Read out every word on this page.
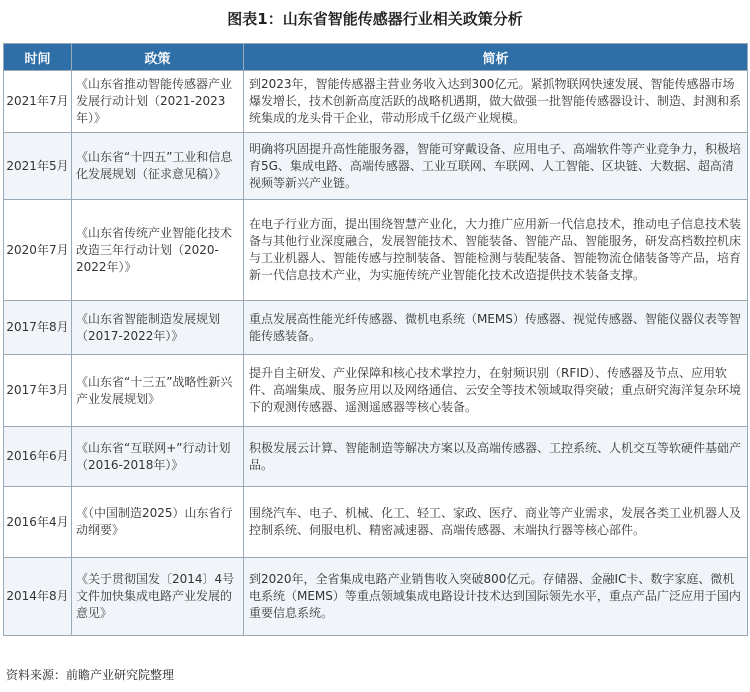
图表1：山东省智能传感器行业相关政策分析
时间	政策	简析
2021年7月	《山东省推动智能传感器产业发展行动计划（2021-2023年）》	到2023年，智能传感器主营业务收入达到300亿元。紧抓物联网快速发展、智能传感器市场爆发增长，技术创新高度活跃的战略机遇期，做大做强一批智能传感器设计、制造、封测和系统集成的龙头骨干企业，带动形成千亿级产业规模。
2021年5月	《山东省“十四五”工业和信息化发展规划（征求意见稿）》	明确将巩固提升高性能服务器，智能可穿戴设备、应用电子、高端软件等产业竞争力，积极培育5G、集成电路、高端传感器、工业互联网、车联网、人工智能、区块链、大数据、超高清视频等新兴产业链。
2020年7月	《山东省传统产业智能化技术改造三年行动计划（2020-2022年）》	在电子行业方面，提出围绕智慧产业化，大力推广应用新一代信息技术，推动电子信息技术装备与其他行业深度融合，发展智能技术、智能装备、智能产品、智能服务，研发高档数控机床与工业机器人、智能传感与控制装备、智能检测与装配装备、智能物流仓储装备等产品，培育新一代信息技术产业，为实施传统产业智能化技术改造提供技术装备支撑。
2017年8月	《山东省智能制造发展规划（2017-2022年）》	重点发展高性能光纤传感器、微机电系统（MEMS）传感器、视觉传感器、智能仪器仪表等智能传感装备。
2017年3月	《山东省“十三五”战略性新兴产业发展规划》	提升自主研发、产业保障和核心技术掌控力，在射频识别（RFID）、传感器及节点、应用软件、高端集成、服务应用以及网络通信、云安全等技术领域取得突破；重点研究海洋复杂环境下的观测传感器、遥测遥感器等核心装备。
2016年6月	《山东省“互联网+”行动计划（2016-2018年）》	积极发展云计算、智能制造等解决方案以及高端传感器、工控系统、人机交互等软硬件基础产品。
2016年4月	《（中国制造2025）山东省行动纲要》	围绕汽车、电子、机械、化工、轻工、家政、医疗、商业等产业需求，发展各类工业机器人及控制系统、伺服电机、精密减速器、高端传感器、末端执行器等核心部件。
2014年8月	《关于贯彻国发〔2014〕4号文件加快集成电路产业发展的意见》	到2020年，全省集成电路产业销售收入突破800亿元。存储器、金融IC卡、数字家庭、微机电系统（MEMS）等重点领域集成电路设计技术达到国际领先水平，重点产品广泛应用于国内重要信息系统。
资料来源：前瞻产业研究院整理
